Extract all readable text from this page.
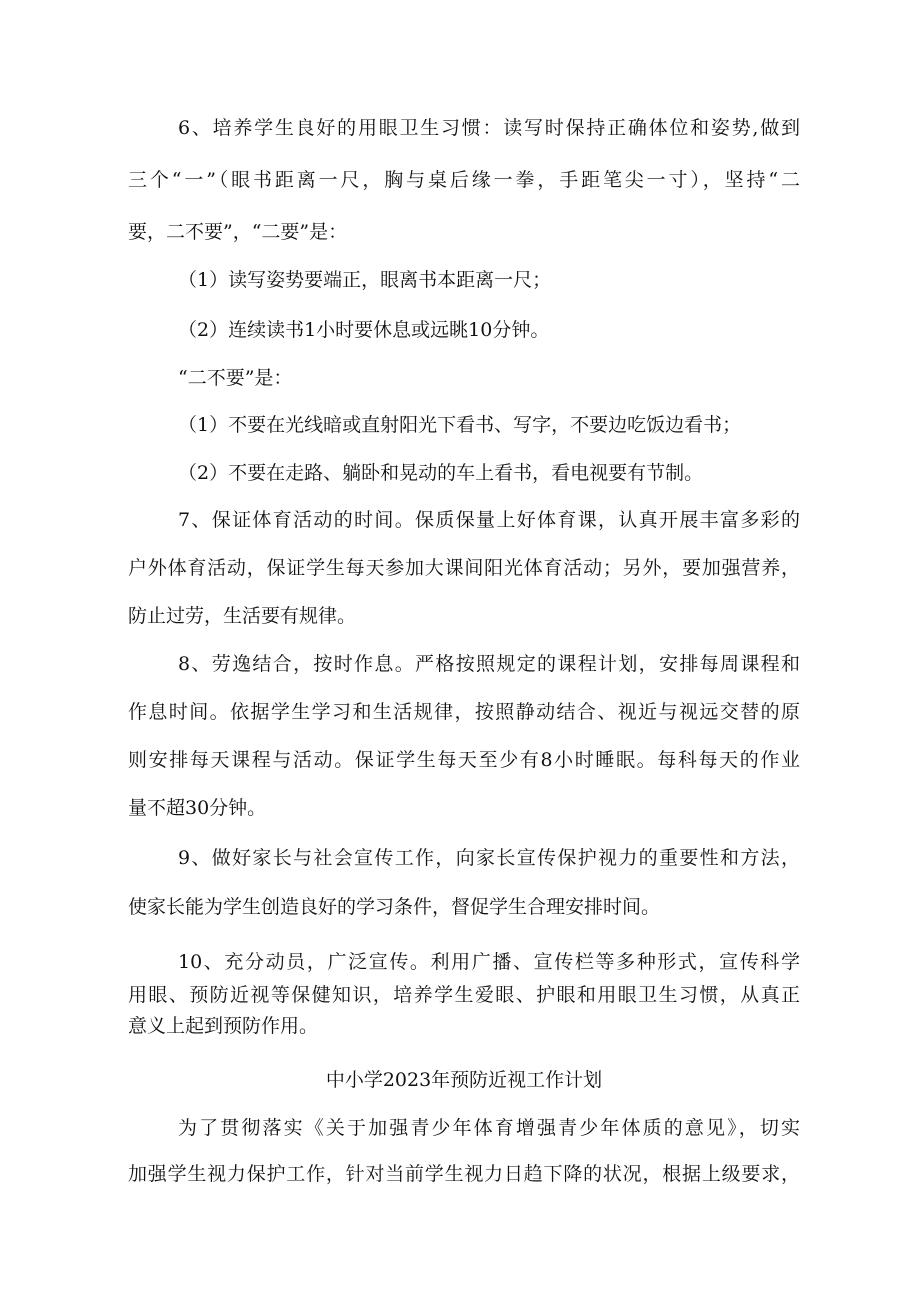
6、培养学生良好的用眼卫生习惯：读写时保持正确体位和姿势,做到
三个“一”（眼书距离一尺，胸与桌后缘一拳，手距笔尖一寸），坚持“二
要，二不要”，“二要”是：
（1）读写姿势要端正，眼离书本距离一尺；
（2）连续读书1小时要休息或远眺10分钟。
“二不要”是：
（1）不要在光线暗或直射阳光下看书、写字，不要边吃饭边看书；
（2）不要在走路、躺卧和晃动的车上看书，看电视要有节制。
7、保证体育活动的时间。保质保量上好体育课，认真开展丰富多彩的
户外体育活动，保证学生每天参加大课间阳光体育活动；另外，要加强营养，
防止过劳，生活要有规律。
8、劳逸结合，按时作息。严格按照规定的课程计划，安排每周课程和
作息时间。依据学生学习和生活规律，按照静动结合、视近与视远交替的原
则安排每天课程与活动。保证学生每天至少有8小时睡眠。每科每天的作业
量不超30分钟。
9、做好家长与社会宣传工作，向家长宣传保护视力的重要性和方法，
使家长能为学生创造良好的学习条件，督促学生合理安排时间。
10、充分动员，广泛宣传。利用广播、宣传栏等多种形式，宣传科学
用眼、预防近视等保健知识，培养学生爱眼、护眼和用眼卫生习惯，从真正
意义上起到预防作用。
中小学2023年预防近视工作计划
为了贯彻落实《关于加强青少年体育增强青少年体质的意见》，切实
加强学生视力保护工作，针对当前学生视力日趋下降的状况，根据上级要求，
